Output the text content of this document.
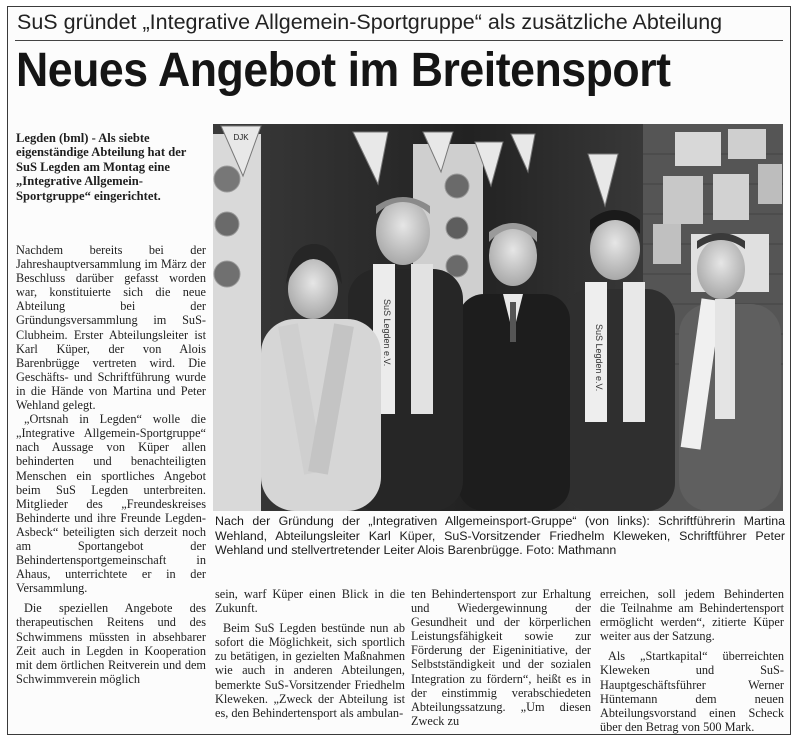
SuS gründet „Integrative Allgemein-Sportgruppe“ als zusätzliche Abteilung
Neues Angebot im Breitensport
Legden (bml) - Als siebte eigenständige Abteilung hat der SuS Legden am Montag eine „Integrative Allgemein-Sportgruppe“ eingerichtet.

Nachdem bereits bei der Jahreshauptversammlung im März der Beschluss darüber gefasst worden war, konstituierte sich die neue Abteilung bei der Gründungsversammlung im SuS-Clubheim. Erster Abteilungsleiter ist Karl Küper, der von Alois Barenbrügge vertreten wird. Die Geschäfts- und Schriftführung wurde in die Hände von Martina und Peter Wehland gelegt.

„Ortsnah in Legden“ wolle die „Integrative Allgemein-Sportgruppe“ nach Aussage von Küper allen behinderten und benachteiligten Menschen ein sportliches Angebot beim SuS Legden unterbreiten. Mitglieder des „Freundeskreises Behinderte und ihre Freunde Legden-Asbeck“ beteiligten sich derzeit noch am Sportangebot der Behindertensportgemeinschaft in Ahaus, unterrichtete er in der Versammlung.

Die speziellen Angebote des therapeutischen Reitens und des Schwimmens müssten in absehbarer Zeit auch in Legden in Kooperation mit dem örtlichen Reitverein und dem Schwimmverein möglich

DJK
SuS Legden e.V.
SuS Legden e.V.
Nach der Gründung der „Integrativen Allgemeinsport-Gruppe“ (von links): Schriftführerin Martina Wehland, Abteilungsleiter Karl Küper, SuS-Vorsitzender Friedhelm Kleweken, Schriftführer Peter Wehland und stellvertretender Leiter Alois Barenbrügge. Foto: Mathmann

sein, warf Küper einen Blick in die Zukunft.

Beim SuS Legden bestünde nun ab sofort die Möglichkeit, sich sportlich zu betätigen, in gezielten Maßnahmen wie auch in anderen Abteilungen, bemerkte SuS-Vorsitzender Friedhelm Kleweken. „Zweck der Abteilung ist es, den Behindertensport als ambulan-

ten Behindertensport zur Erhaltung und Wiedergewinnung der Gesundheit und der körperlichen Leistungsfähigkeit sowie zur Förderung der Eigeninitiative, der Selbstständigkeit und der sozialen Integration zu fördern“, heißt es in der einstimmig verabschiedeten Abteilungssatzung. „Um diesen Zweck zu

erreichen, soll jedem Behinderten die Teilnahme am Behindertensport ermöglicht werden“, zitierte Küper weiter aus der Satzung.

Als „Startkapital“ überreichten Kleweken und SuS-Hauptgeschäftsführer Werner Hüntemann dem neuen Abteilungsvorstand einen Scheck über den Betrag von 500 Mark.
